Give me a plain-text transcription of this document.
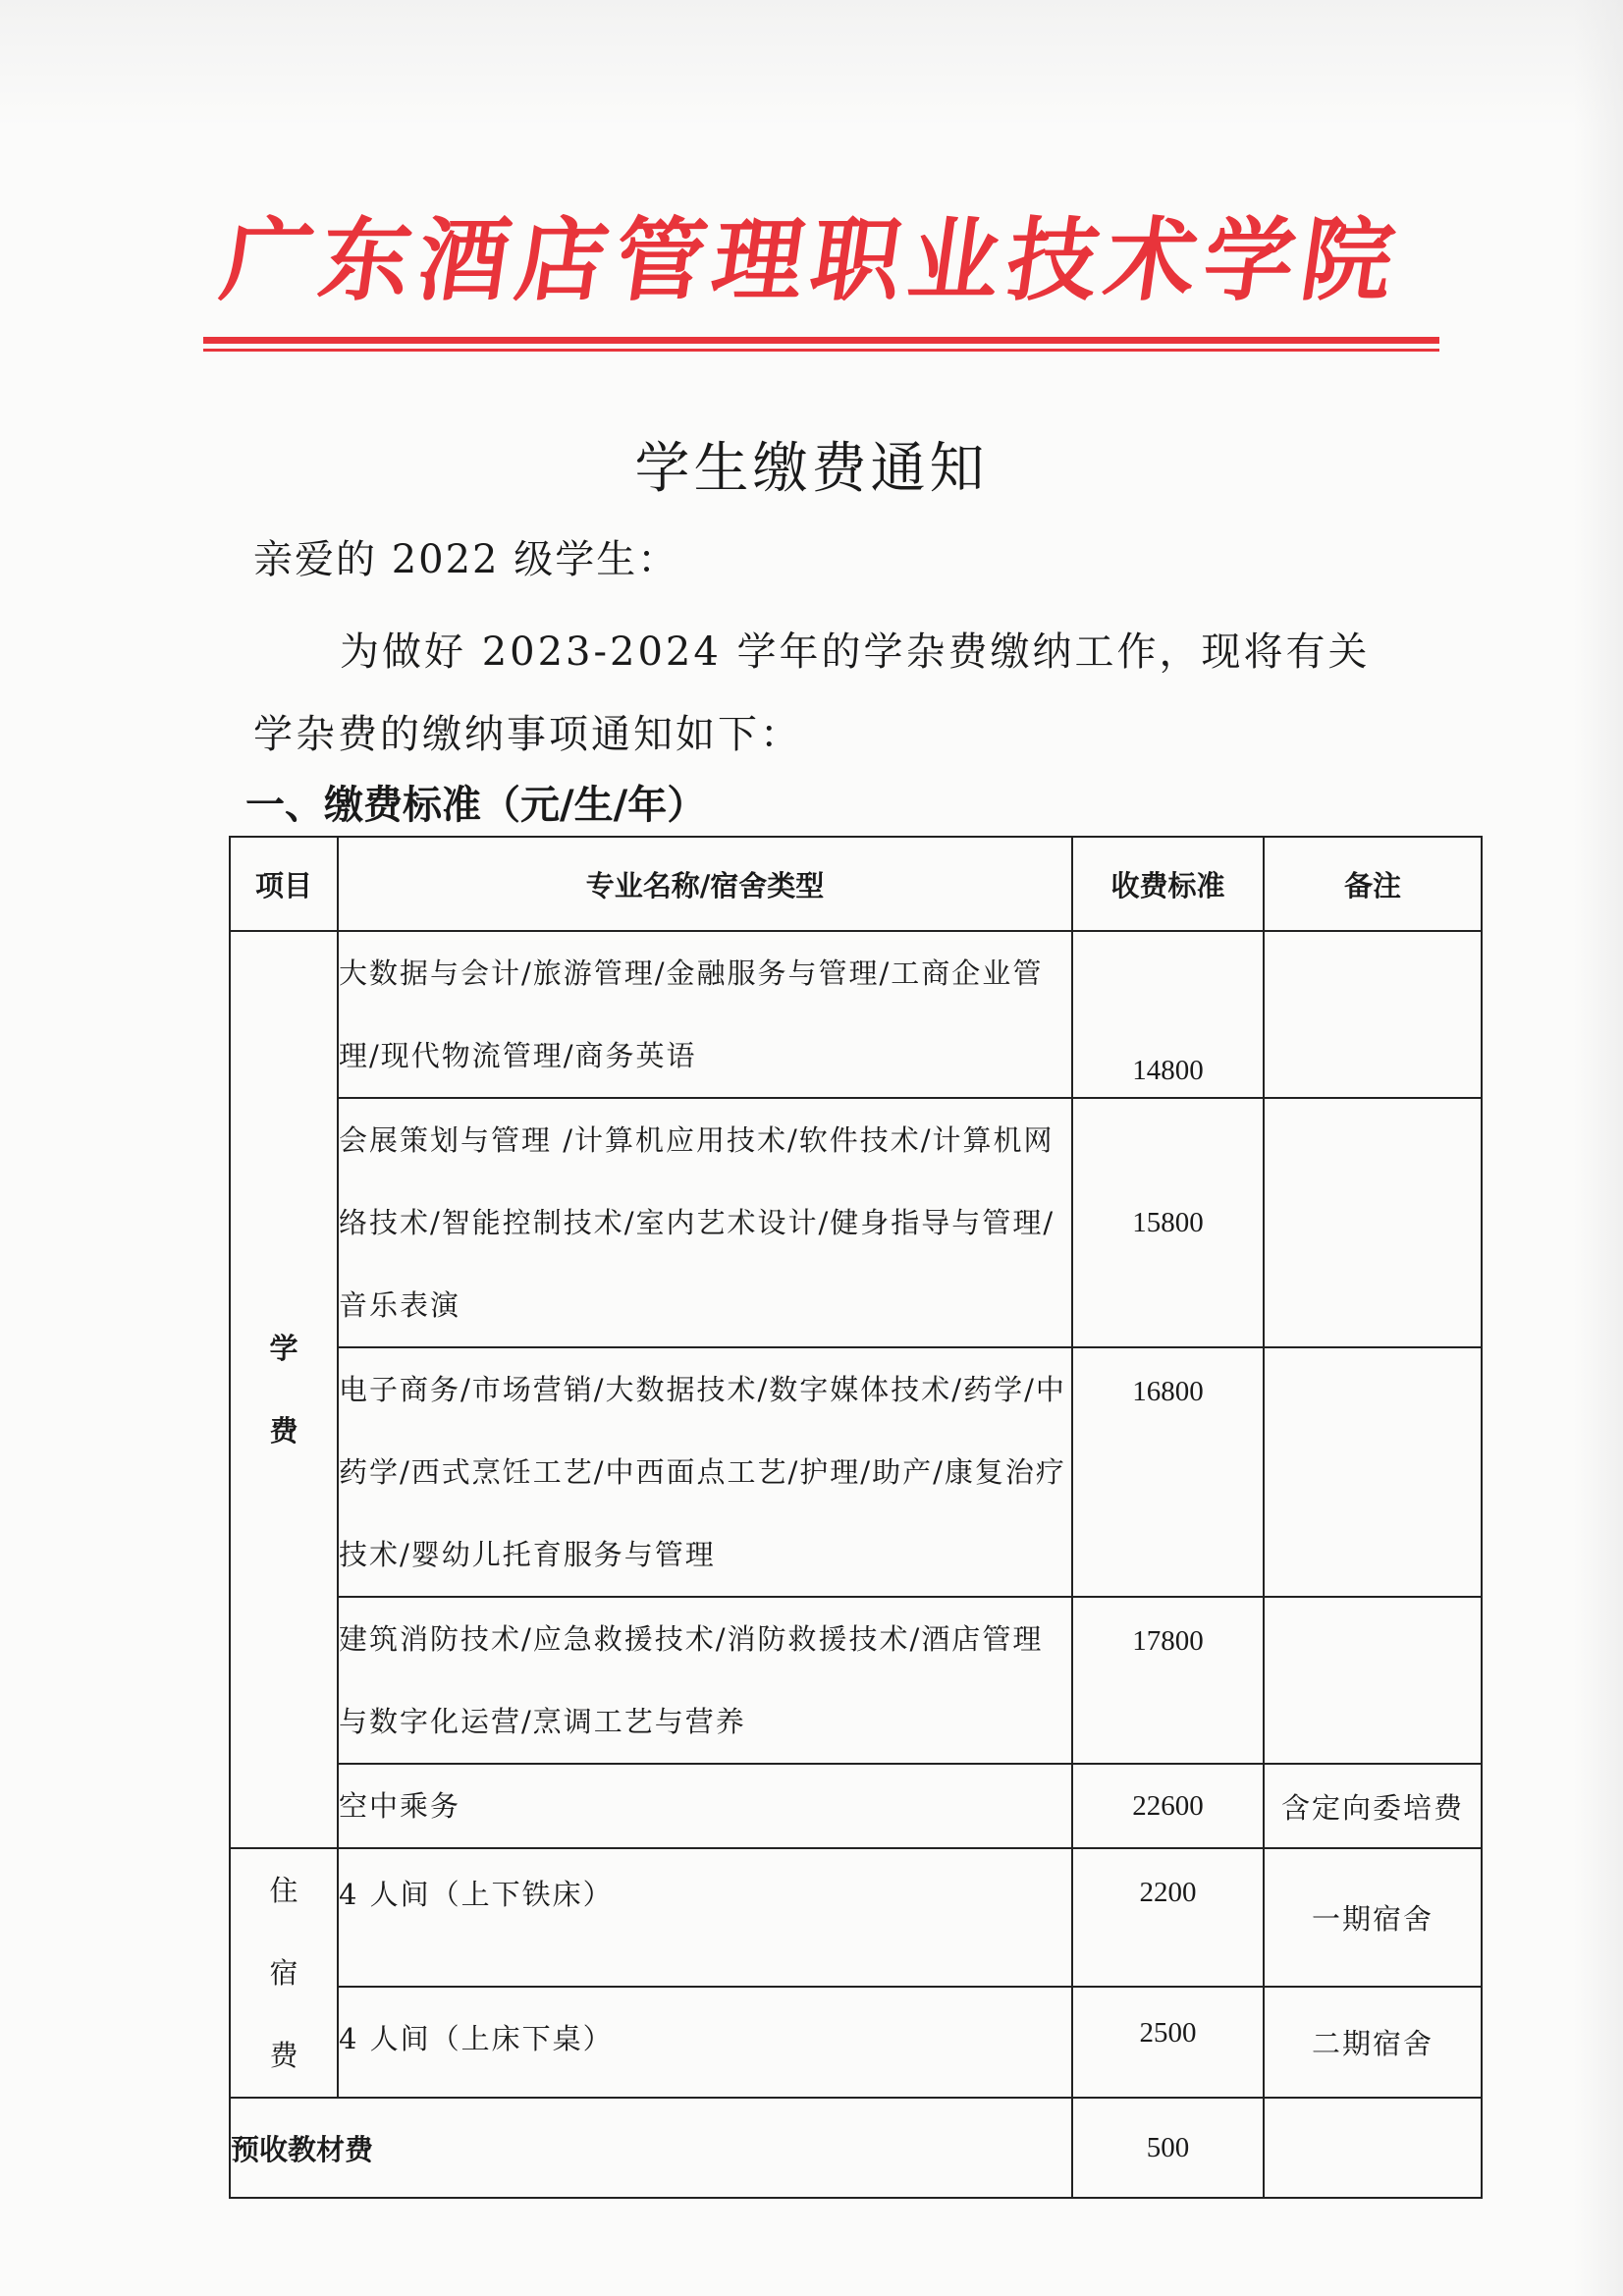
广东酒店管理职业技术学院
学生缴费通知
亲爱的 2022 级学生：
为做好 2023-2024 学年的学杂费缴纳工作，现将有关学杂费的缴纳事项通知如下：
一、缴费标准（元/生/年）
项目	专业名称/宿舍类型	收费标准	备注

学
费	大数据与会计/旅游管理/金融服务与管理/工商企业管理/现代物流管理/商务英语	14800	
	会展策划与管理 /计算机应用技术/软件技术/计算机网络技术/智能控制技术/室内艺术设计/健身指导与管理/音乐表演	15800	
	电子商务/市场营销/大数据技术/数字媒体技术/药学/中药学/西式烹饪工艺/中西面点工艺/护理/助产/康复治疗技术/婴幼儿托育服务与管理	16800	
	建筑消防技术/应急救援技术/消防救援技术/酒店管理与数字化运营/烹调工艺与营养	17800	
	空中乘务	22600	含定向委培费

住
宿
费	4 人间（上下铁床）	2200	一期宿舍
	4 人间（上床下桌）	2500	二期宿舍
预收教材费		500	
